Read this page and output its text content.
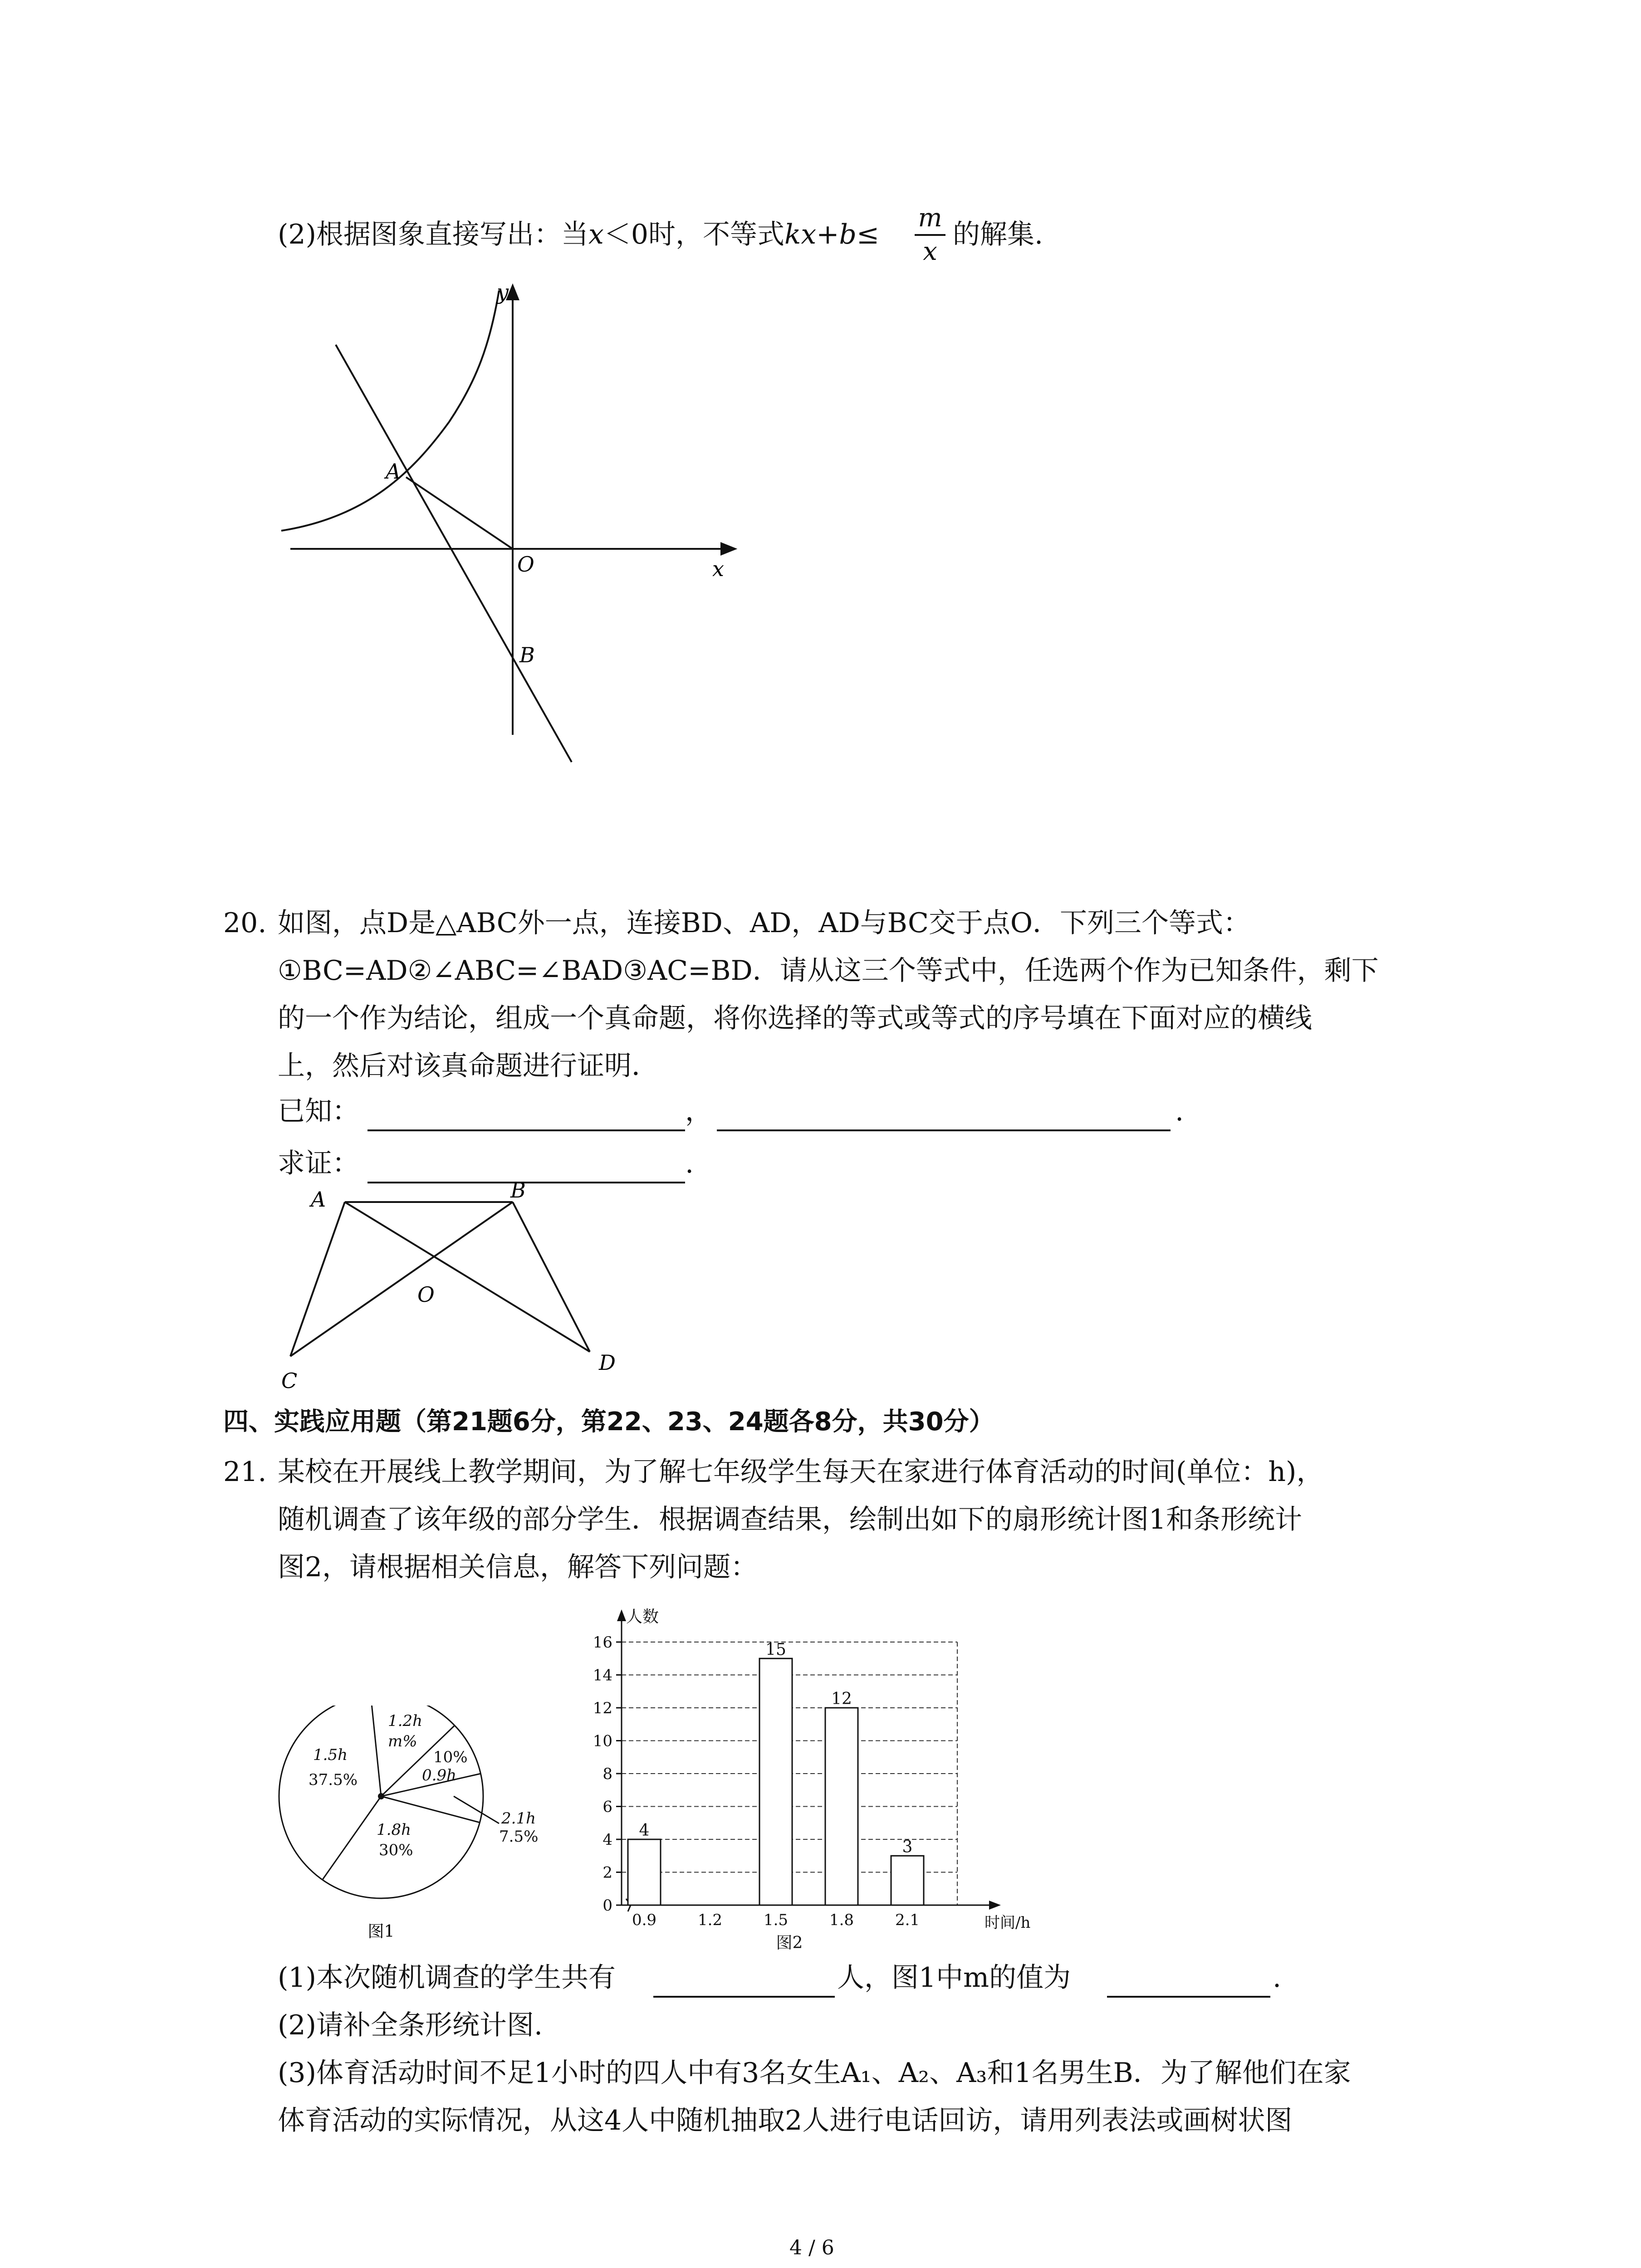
(2)根据图象直接写出：当x＜0时，不等式kx+b≤
m
x
的解集.
y
x
O
A
B
20. 如图，点D是△ABC外一点，连接BD、AD，AD与BC交于点O．下列三个等式：
①BC=AD②∠ABC=∠BAD③AC=BD．请从这三个等式中，任选两个作为已知条件，剩下
的一个作为结论，组成一个真命题，将你选择的等式或等式的序号填在下面对应的横线
上，然后对该真命题进行证明．
已知：	，	.
求证：	.
A	B
O
C
D
四、实践应用题（第21题6分，第22、23、24题各8分，共30分）
21. 某校在开展线上教学期间，为了解七年级学生每天在家进行体育活动的时间(单位：h)，
随机调查了该年级的部分学生．根据调查结果，绘制出如下的扇形统计图1和条形统计
图2，请根据相关信息，解答下列问题：
1.5h
37.5%
1.2h
m%
10%
0.9h
2.1h
7.5%
1.8h
30%
图1
0
2
4
6
8
10
12
14
16
人数
时间/h
0.9
4
1.2	1.5
15
1.8
12
2.1
3
图2
(1)本次随机调查的学生共有	人，图1中m的值为	.
(2)请补全条形统计图.
(3)体育活动时间不足1小时的四人中有3名女生A₁、A₂、A₃和1名男生B．为了解他们在家
体育活动的实际情况，从这4人中随机抽取2人进行电话回访，请用列表法或画树状图
4 / 6
